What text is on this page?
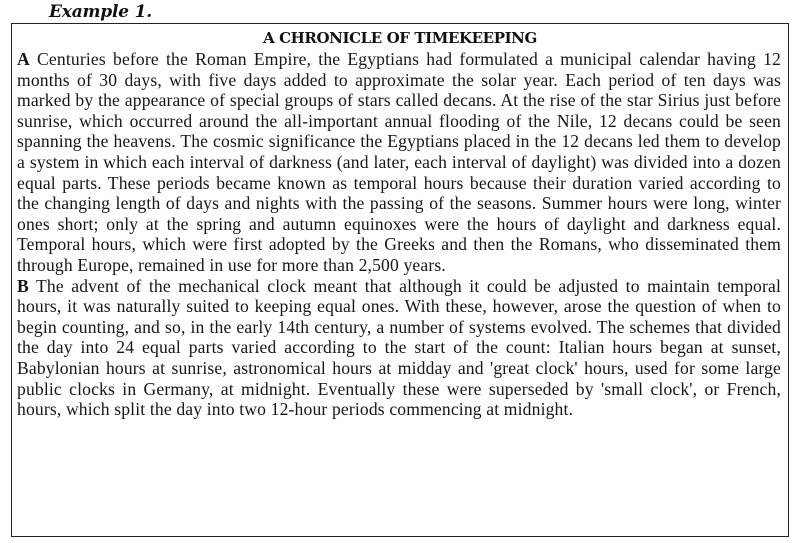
Example 1.
A CHRONICLE OF TIMEKEEPING

A Centuries before the Roman Empire, the Egyptians had formulated a municipal calendar having 12 months of 30 days, with five days added to approximate the solar year. Each period of ten days was marked by the appearance of special groups of stars called decans. At the rise of the star Sirius just before sunrise, which occurred around the all-important annual flooding of the Nile, 12 decans could be seen spanning the heavens. The cosmic significance the Egyptians placed in the 12 decans led them to develop a system in which each interval of darkness (and later, each interval of daylight) was divided into a dozen equal parts. These periods became known as temporal hours because their duration varied according to the changing length of days and nights with the passing of the seasons. Summer hours were long, winter ones short; only at the spring and autumn equinoxes were the hours of daylight and darkness equal. Temporal hours, which were first adopted by the Greeks and then the Romans, who disseminated them through Europe, remained in use for more than 2,500 years.

B The advent of the mechanical clock meant that although it could be adjusted to maintain temporal hours, it was naturally suited to keeping equal ones. With these, however, arose the question of when to begin counting, and so, in the early 14th century, a number of systems evolved. The schemes that divided the day into 24 equal parts varied according to the start of the count: Italian hours began at sunset, Babylonian hours at sunrise, astronomical hours at midday and 'great clock' hours, used for some large public clocks in Germany, at midnight. Eventually these were superseded by 'small clock', or French, hours, which split the day into two 12-hour periods commencing at midnight.
